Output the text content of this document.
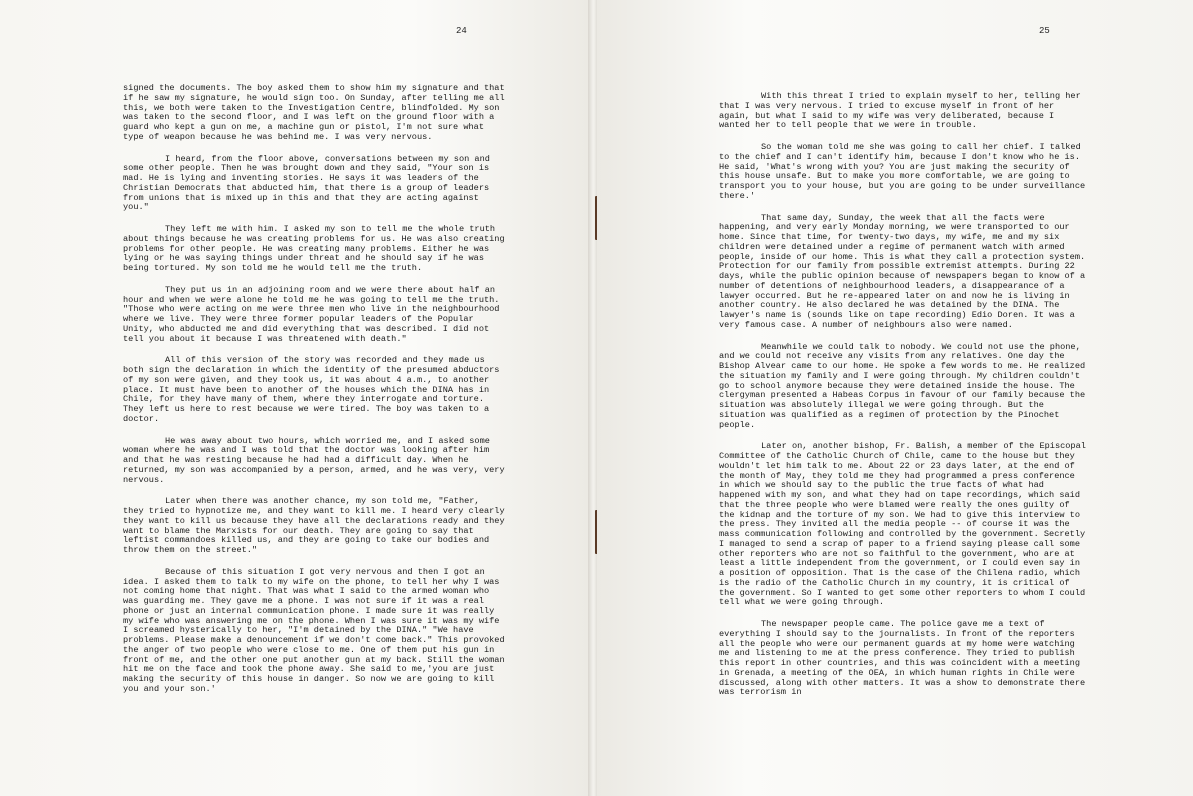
24

signed the documents. The boy asked them to show him my signature and that if he saw my signature, he would sign too. On Sunday, after telling me all this, we both were taken to the Investigation Centre, blindfolded. My son was taken to the second floor, and I was left on the ground floor with a guard who kept a gun on me, a machine gun or pistol, I'm not sure what type of weapon because he was behind me. I was very nervous.

I heard, from the floor above, conversations between my son and some other people. Then he was brought down and they said, "Your son is mad. He is lying and inventing stories. He says it was leaders of the Christian Democrats that abducted him, that there is a group of leaders from unions that is mixed up in this and that they are acting against you."

They left me with him. I asked my son to tell me the whole truth about things because he was creating problems for us. He was also creating problems for other people. He was creating many problems. Either he was lying or he was saying things under threat and he should say if he was being tortured. My son told me he would tell me the truth.

They put us in an adjoining room and we were there about half an hour and when we were alone he told me he was going to tell me the truth. "Those who were acting on me were three men who live in the neighbourhood where we live. They were three former popular leaders of the Popular Unity, who abducted me and did everything that was described. I did not tell you about it because I was threatened with death."

All of this version of the story was recorded and they made us both sign the declaration in which the identity of the presumed abductors of my son were given, and they took us, it was about 4 a.m., to another place. It must have been to another of the houses which the DINA has in Chile, for they have many of them, where they interrogate and torture. They left us here to rest because we were tired. The boy was taken to a doctor.

He was away about two hours, which worried me, and I asked some woman where he was and I was told that the doctor was looking after him and that he was resting because he had had a difficult day. When he returned, my son was accompanied by a person, armed, and he was very, very nervous.

Later when there was another chance, my son told me, "Father, they tried to hypnotize me, and they want to kill me. I heard very clearly they want to kill us because they have all the declarations ready and they want to blame the Marxists for our death. They are going to say that leftist commandoes killed us, and they are going to take our bodies and throw them on the street."

Because of this situation I got very nervous and then I got an idea. I asked them to talk to my wife on the phone, to tell her why I was not coming home that night. That was what I said to the armed woman who was guarding me. They gave me a phone. I was not sure if it was a real phone or just an internal communication phone. I made sure it was really my wife who was answering me on the phone. When I was sure it was my wife I screamed hysterically to her, "I'm detained by the DINA." "We have problems. Please make a denouncement if we don't come back." This provoked the anger of two people who were close to me. One of them put his gun in front of me, and the other one put another gun at my back. Still the woman hit me on the face and took the phone away. She said to me,'you are just making the security of this house in danger. So now we are going to kill you and your son.'

25

With this threat I tried to explain myself to her, telling her that I was very nervous. I tried to excuse myself in front of her again, but what I said to my wife was very deliberated, because I wanted her to tell people that we were in trouble.

So the woman told me she was going to call her chief. I talked to the chief and I can't identify him, because I don't know who he is. He said, 'What's wrong with you? You are just making the security of this house unsafe. But to make you more comfortable, we are going to transport you to your house, but you are going to be under surveillance there.'

That same day, Sunday, the week that all the facts were happening, and very early Monday morning, we were transported to our home. Since that time, for twenty-two days, my wife, me and my six children were detained under a regime of permanent watch with armed people, inside of our home. This is what they call a protection system. Protection for our family from possible extremist attempts. During 22 days, while the public opinion because of newspapers began to know of a number of detentions of neighbourhood leaders, a disappearance of a lawyer occurred. But he re-appeared later on and now he is living in another country. He also declared he was detained by the DINA. The lawyer's name is (sounds like on tape recording) Edio Doren. It was a very famous case. A number of neighbours also were named.

Meanwhile we could talk to nobody. We could not use the phone, and we could not receive any visits from any relatives. One day the Bishop Alvear came to our home. He spoke a few words to me. He realized the situation my family and I were going through. My children couldn't go to school anymore because they were detained inside the house. The clergyman presented a Habeas Corpus in favour of our family because the situation was absolutely illegal we were going through. But the situation was qualified as a regimen of protection by the Pinochet people.

Later on, another bishop, Fr. Balish, a member of the Episcopal Committee of the Catholic Church of Chile, came to the house but they wouldn't let him talk to me. About 22 or 23 days later, at the end of the month of May, they told me they had programmed a press conference in which we should say to the public the true facts of what had happened with my son, and what they had on tape recordings, which said that the three people who were blamed were really the ones guilty of the kidnap and the torture of my son. We had to give this interview to the press. They invited all the media people -- of course it was the mass communication following and controlled by the government. Secretly I managed to send a scrap of paper to a friend saying please call some other reporters who are not so faithful to the government, who are at least a little independent from the government, or I could even say in a position of opposition. That is the case of the Chilena radio, which is the radio of the Catholic Church in my country, it is critical of the government. So I wanted to get some other reporters to whom I could tell what we were going through.

The newspaper people came. The police gave me a text of everything I should say to the journalists. In front of the reporters all the people who were our permanent guards at my home were watching me and listening to me at the press conference. They tried to publish this report in other countries, and this was coincident with a meeting in Grenada, a meeting of the OEA, in which human rights in Chile were discussed, along with other matters. It was a show to demonstrate there was terrorism in
